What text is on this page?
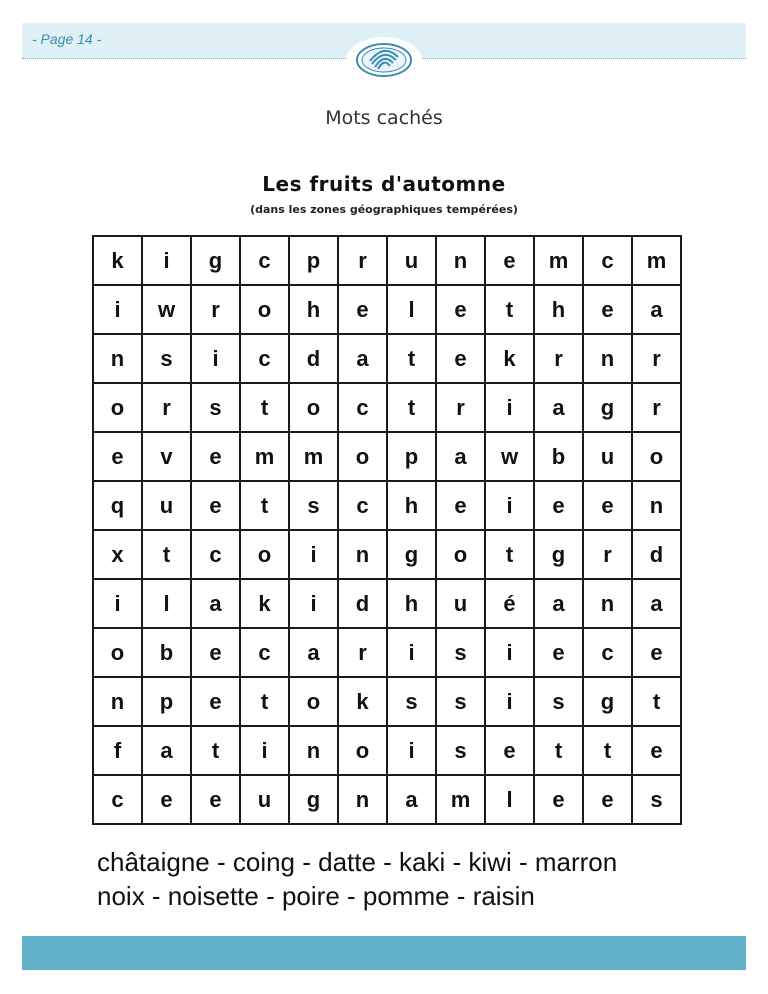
- Page 14 -
Mots cachés
Les fruits d'automne
(dans les zones géographiques tempérées)
k	i	g	c	p	r	u	n	e	m	c	m
i	w	r	o	h	e	l	e	t	h	e	a
n	s	i	c	d	a	t	e	k	r	n	r
o	r	s	t	o	c	t	r	i	a	g	r
e	v	e	m	m	o	p	a	w	b	u	o
q	u	e	t	s	c	h	e	i	e	e	n
x	t	c	o	i	n	g	o	t	g	r	d
i	l	a	k	i	d	h	u	é	a	n	a
o	b	e	c	a	r	i	s	i	e	c	e
n	p	e	t	o	k	s	s	i	s	g	t
f	a	t	i	n	o	i	s	e	t	t	e
c	e	e	u	g	n	a	m	l	e	e	s
châtaigne - coing - datte - kaki - kiwi - marron
noix - noisette - poire - pomme - raisin
